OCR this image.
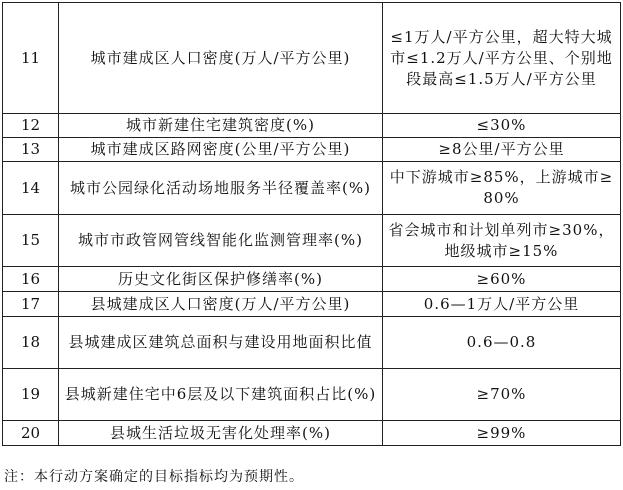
11	城市建成区人口密度(万人/平方公里)	≤1万人/平方公里，超大特大城市≤1.2万人/平方公里、个别地段最高≤1.5万人/平方公里
12	城市新建住宅建筑密度(%)	≤30%
13	城市建成区路网密度(公里/平方公里)	≥8公里/平方公里
14	城市公园绿化活动场地服务半径覆盖率(%)	中下游城市≥85%，上游城市≥80%
15	城市市政管网管线智能化监测管理率(%)	省会城市和计划单列市≥30%，地级城市≥15%
16	历史文化街区保护修缮率(%)	≥60%
17	县城建成区人口密度(万人/平方公里)	0.6—1万人/平方公里
18	县城建成区建筑总面积与建设用地面积比值	0.6—0.8
19	县城新建住宅中6层及以下建筑面积占比(%)	≥70%
20	县城生活垃圾无害化处理率(%)	≥99%
注：本行动方案确定的目标指标均为预期性。
